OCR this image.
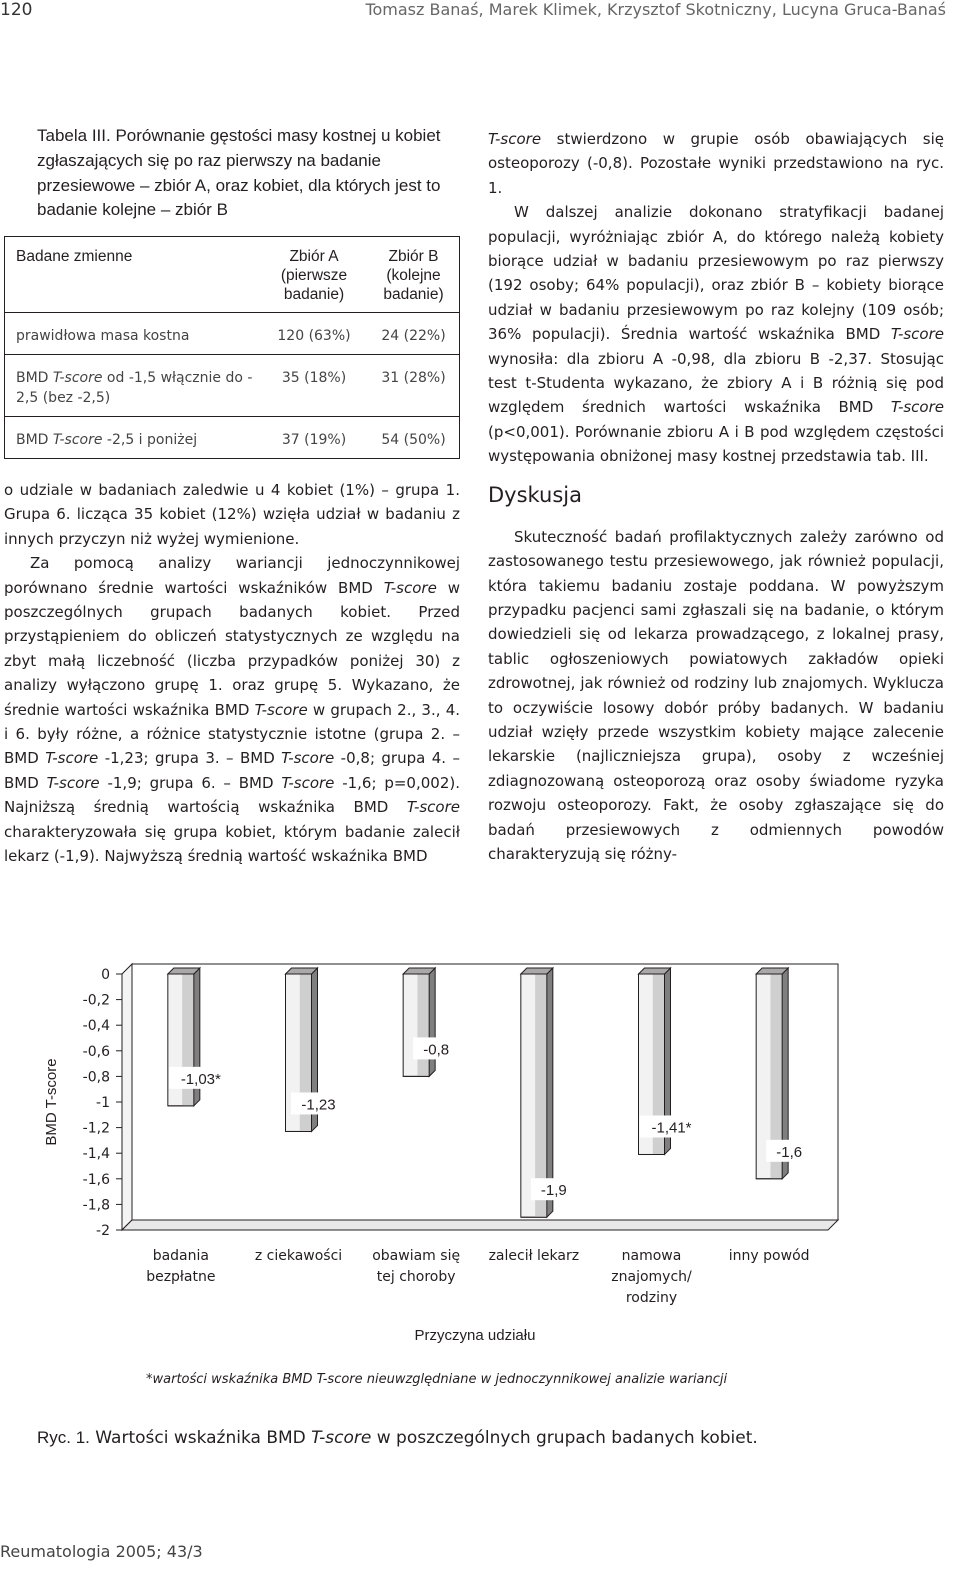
120	Tomasz Banaś, Marek Klimek, Krzysztof Skotniczny, Lucyna Gruca-Banaś
Tabela III. Porównanie gęstości masy kostnej u kobiet zgłaszających się po raz pierwszy na badanie przesiewowe – zbiór A, oraz kobiet, dla których jest to badanie kolejne – zbiór B
Badane zmienne	Zbiór A (pierwsze badanie)	Zbiór B (kolejne badanie)
prawidłowa masa kostna	120 (63%)	24 (22%)
BMD T-score od -1,5 włącznie do - 2,5 (bez -2,5)	35 (18%)	31 (28%)
BMD T-score -2,5 i poniżej	37 (19%)	54 (50%)

o udziale w badaniach zaledwie u 4 kobiet (1%) – grupa 1. Grupa 6. licząca 35 kobiet (12%) wzięła udział w badaniu z innych przyczyn niż wyżej wymienione.

Za pomocą analizy wariancji jednoczynnikowej porównano średnie wartości wskaźników BMD T-score w poszczególnych grupach badanych kobiet. Przed przystąpieniem do obliczeń statystycznych ze względu na zbyt małą liczebność (liczba przypadków poniżej 30) z analizy wyłączono grupę 1. oraz grupę 5. Wykazano, że średnie wartości wskaźnika BMD T-score w grupach 2., 3., 4. i 6. były różne, a różnice statystycznie istotne (grupa 2. – BMD T-score -1,23; grupa 3. – BMD T-score -0,8; grupa 4. – BMD T-score -1,9; grupa 6. – BMD T-score -1,6; p=0,002). Najniższą średnią wartością wskaźnika BMD T-score charakteryzowała się grupa kobiet, którym badanie zalecił lekarz (-1,9). Najwyższą średnią wartość wskaźnika BMD

T-score stwierdzono w grupie osób obawiających się osteoporozy (-0,8). Pozostałe wyniki przedstawiono na ryc. 1.

W dalszej analizie dokonano stratyfikacji badanej populacji, wyróżniając zbiór A, do którego należą kobiety biorące udział w badaniu przesiewowym po raz pierwszy (192 osoby; 64% populacji), oraz zbiór B – kobiety biorące udział w badaniu przesiewowym po raz kolejny (109 osób; 36% populacji). Średnia wartość wskaźnika BMD T-score wynosiła: dla zbioru A -0,98, dla zbioru B -2,37. Stosując test t-Studenta wykazano, że zbiory A i B różnią się pod względem średnich wartości wskaźnika BMD T-score (p<0,001). Porównanie zbioru A i B pod względem częstości występowania obniżonej masy kostnej przedstawia tab. III.

Dyskusja

Skuteczność badań profilaktycznych zależy zarówno od zastosowanego testu przesiewowego, jak również populacji, która takiemu badaniu zostaje poddana. W powyższym przypadku pacjenci sami zgłaszali się na badanie, o którym dowiedzieli się od lekarza prowadzącego, z lokalnej prasy, tablic ogłoszeniowych powiatowych zakładów opieki zdrowotnej, jak również od rodziny lub znajomych. Wyklucza to oczywiście losowy dobór próby badanych. W badaniu udział wzięły przede wszystkim kobiety mające zalecenie lekarskie (najliczniejsza grupa), osoby z wcześniej zdiagnozowaną osteoporozą oraz osoby świadome ryzyka rozwoju osteoporozy. Fakt, że osoby zgłaszające się do badań przesiewowych z odmiennych powodów charakteryzują się różny-

0
-0,2
-0,4
-0,6
-0,8
-1
-1,2
-1,4
-1,6
-1,8
-2
BMD T-score	-1,03*
badania
bezpłatne
-1,23
z ciekawości
-0,8
obawiam się
tej choroby
-1,9
zalecił lekarz
-1,41*
namowa
znajomych/
rodziny
-1,6
inny powód
Przyczyna udziału
*wartości wskaźnika BMD T-score nieuwzględniane w jednoczynnikowej analizie wariancji
Ryc. 1. Wartości wskaźnika BMD T-score w poszczególnych grupach badanych kobiet.
Reumatologia 2005; 43/3
